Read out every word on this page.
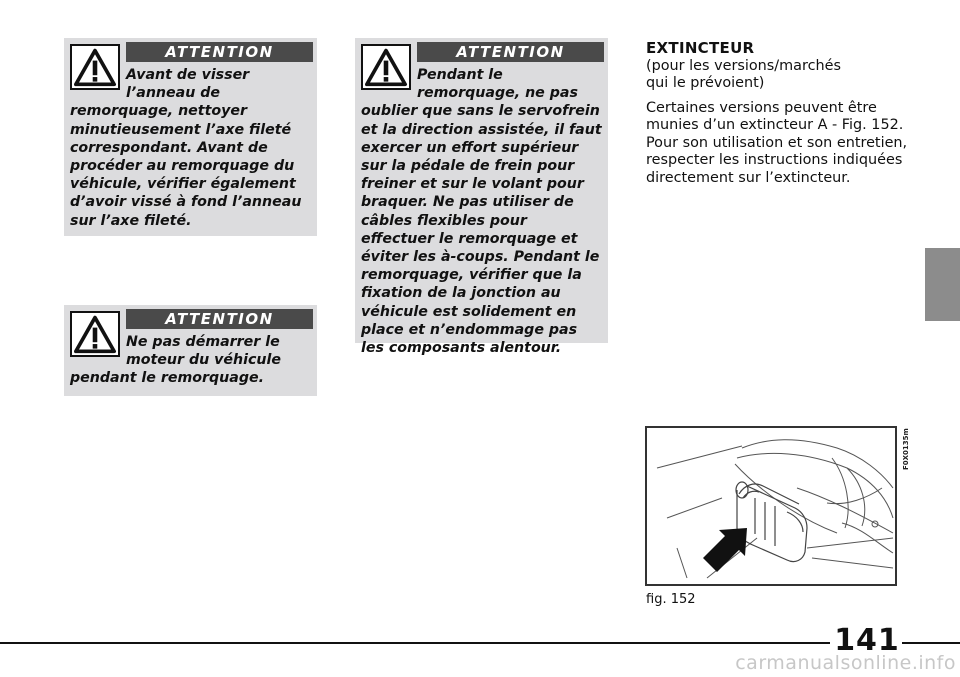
ATTENTION

Avant de visser l’anneau de remorquage, nettoyer minutieusement l’axe fileté correspondant. Avant de procéder au remorquage du véhicule, vérifier également d’avoir vissé à fond l’anneau sur l’axe fileté.

ATTENTION

Ne pas démarrer le moteur du véhicule pendant le remorquage.

ATTENTION

Pendant le remorquage, ne pas oublier que sans le servofrein et la direction assistée, il faut exercer un effort supérieur sur la pédale de frein pour freiner et sur le volant pour braquer. Ne pas utiliser de câbles flexibles pour effectuer le remorquage et éviter les à-coups. Pendant le remorquage, vérifier que la fixation de la jonction au véhicule est solidement en place et n’endommage pas les composants alentour.

EXTINCTEUR

(pour les versions/marchés

qui le prévoient)

Certaines versions peuvent être munies d’un extincteur A - Fig. 152. Pour son utilisation et son entretien, respecter les instructions indiquées directement sur l’extincteur.

F0X0135m
fig. 152
141
carmanualsonline.info
